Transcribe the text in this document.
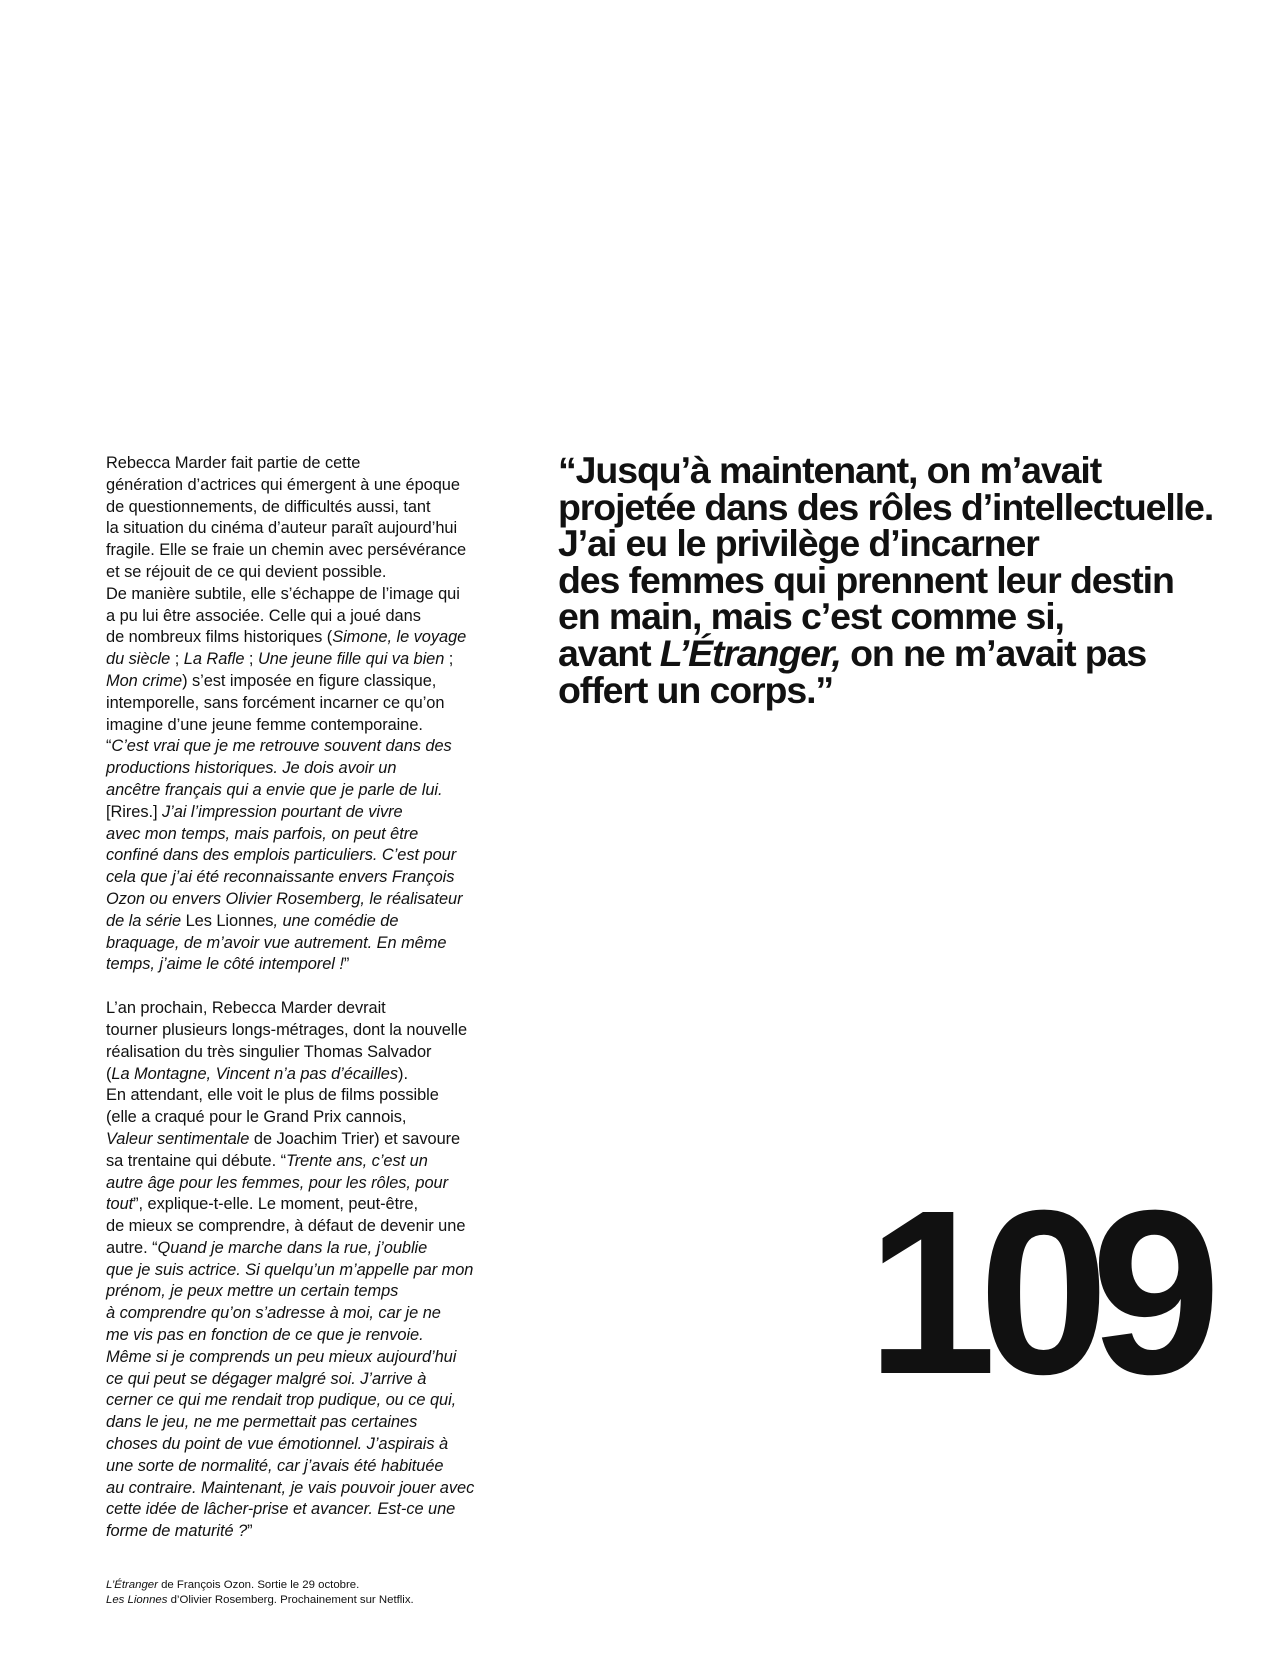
Rebecca Marder fait partie de cette
génération d’actrices qui émergent à une époque
de questionnements, de difficultés aussi, tant
la situation du cinéma d’auteur paraît aujourd’hui
fragile. Elle se fraie un chemin avec persévérance
et se réjouit de ce qui devient possible.
De manière subtile, elle s’échappe de l’image qui
a pu lui être associée. Celle qui a joué dans
de nombreux films historiques (Simone, le voyage
du siècle ; La Rafle ; Une jeune fille qui va bien ;
Mon crime) s’est imposée en figure classique,
intemporelle, sans forcément incarner ce qu’on
imagine d’une jeune femme contemporaine.

“C’est vrai que je me retrouve souvent dans des
productions historiques. Je dois avoir un
ancêtre français qui a envie que je parle de lui.
[Rires.] J’ai l’impression pourtant de vivre
avec mon temps, mais parfois, on peut être
confiné dans des emplois particuliers. C’est pour
cela que j’ai été reconnaissante envers François
Ozon ou envers Olivier Rosemberg, le réalisateur
de la série Les Lionnes, une comédie de
braquage, de m’avoir vue autrement. En même
temps, j’aime le côté intemporel !”

L’an prochain, Rebecca Marder devrait
tourner plusieurs longs-métrages, dont la nouvelle
réalisation du très singulier Thomas Salvador
(La Montagne, Vincent n’a pas d’écailles).
En attendant, elle voit le plus de films possible
(elle a craqué pour le Grand Prix cannois,
Valeur sentimentale de Joachim Trier) et savoure
sa trentaine qui débute. “Trente ans, c’est un
autre âge pour les femmes, pour les rôles, pour
tout”, explique-t-elle. Le moment, peut-être,
de mieux se comprendre, à défaut de devenir une
autre. “Quand je marche dans la rue, j’oublie
que je suis actrice. Si quelqu’un m’appelle par mon
prénom, je peux mettre un certain temps
à comprendre qu’on s’adresse à moi, car je ne
me vis pas en fonction de ce que je renvoie.
Même si je comprends un peu mieux aujourd’hui
ce qui peut se dégager malgré soi. J’arrive à
cerner ce qui me rendait trop pudique, ou ce qui,
dans le jeu, ne me permettait pas certaines
choses du point de vue émotionnel. J’aspirais à
une sorte de normalité, car j’avais été habituée
au contraire. Maintenant, je vais pouvoir jouer avec
cette idée de lâcher-prise et avancer. Est-ce une
forme de maturité ?”

“Jusqu’à maintenant, on m’avait
projetée dans des rôles d’intellectuelle.
J’ai eu le privilège d’incarner
des femmes qui prennent leur destin
en main, mais c’est comme si,
avant L’Étranger, on ne m’avait pas
offert un corps.”
109
L’Étranger de François Ozon. Sortie le 29 octobre.
Les Lionnes d’Olivier Rosemberg. Prochainement sur Netflix.
